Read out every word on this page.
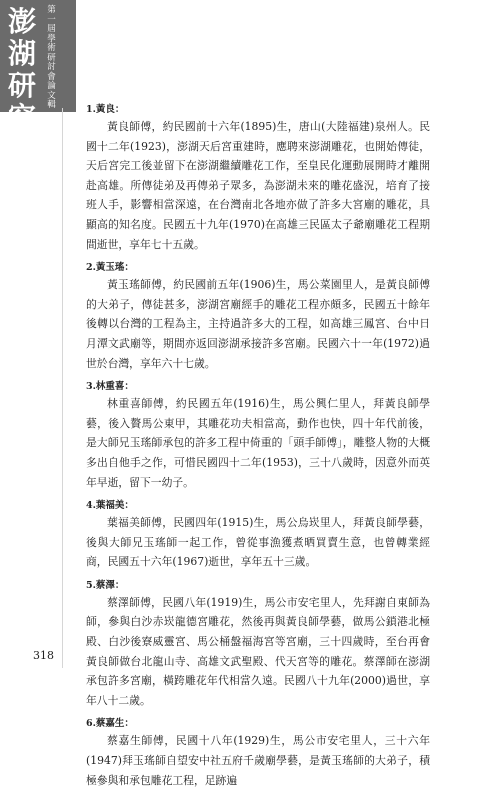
澎湖研究
第一屆學術研討會論文輯	1.黃良：

黃良師傅，約民國前十六年(1895)生，唐山(大陸福建)泉州人。民國十二年(1923)，澎湖天后宮重建時，應聘來澎湖雕花，也開始傳徒，天后宮完工後並留下在澎湖繼續雕花工作，至皇民化運動展開時才離開赴高雄。所傳徒弟及再傳弟子眾多，為澎湖未來的雕花盛況，培育了接班人手，影響相當深遠，在台灣南北各地亦做了許多大宮廟的雕花，具顯高的知名度。民國五十九年(1970)在高雄三民區太子爺廟雕花工程期間逝世，享年七十五歲。

2.黃玉瑤：

黃玉瑤師傅，約民國前五年(1906)生，馬公菜園里人，是黃良師傅的大弟子，傳徒甚多，澎湖宮廟經手的雕花工程亦頗多，民國五十餘年後轉以台灣的工程為主，主持過許多大的工程，如高雄三鳳宮、台中日月潭文武廟等，期間亦返回澎湖承接許多宮廟。民國六十一年(1972)過世於台灣，享年六十七歲。

3.林重喜：

林重喜師傅，約民國五年(1916)生，馬公興仁里人，拜黃良師學藝，後入贅馬公東甲，其雕花功夫相當高，動作也快，四十年代前後，是大師兄玉瑤師承包的許多工程中倚重的「頭手師傅」，雕整人物的大概多出自他手之作，可惜民國四十二年(1953)，三十八歲時，因意外而英年早逝，留下一幼子。

4.葉福美：

葉福美師傅，民國四年(1915)生，馬公烏崁里人，拜黃良師學藝，後與大師兄玉瑤師一起工作，曾從事漁獲煮晒買賣生意，也曾轉業經商，民國五十六年(1967)逝世，享年五十三歲。

5.蔡澤：

蔡澤師傅，民國八年(1919)生，馬公市安宅里人，先拜謝自東師為師，參與白沙赤崁龍德宮雕花，然後再與黃良師學藝，做馬公鎖港北極殿、白沙後寮威靈宮、馬公桶盤福海宮等宮廟，三十四歲時，至台再會黃良師做台北龍山寺、高雄文武聖殿、代天宮等的雕花。蔡澤師在澎湖承包許多宮廟，橫跨雕花年代相當久遠。民國八十九年(2000)過世，享年八十二歲。

6.蔡嘉生：

蔡嘉生師傅，民國十八年(1929)生，馬公市安宅里人，三十六年(1947)拜玉瑤師自望安中社五府千歲廟學藝，是黃玉瑤師的大弟子，積極參與和承包雕花工程，足跡遍

318
